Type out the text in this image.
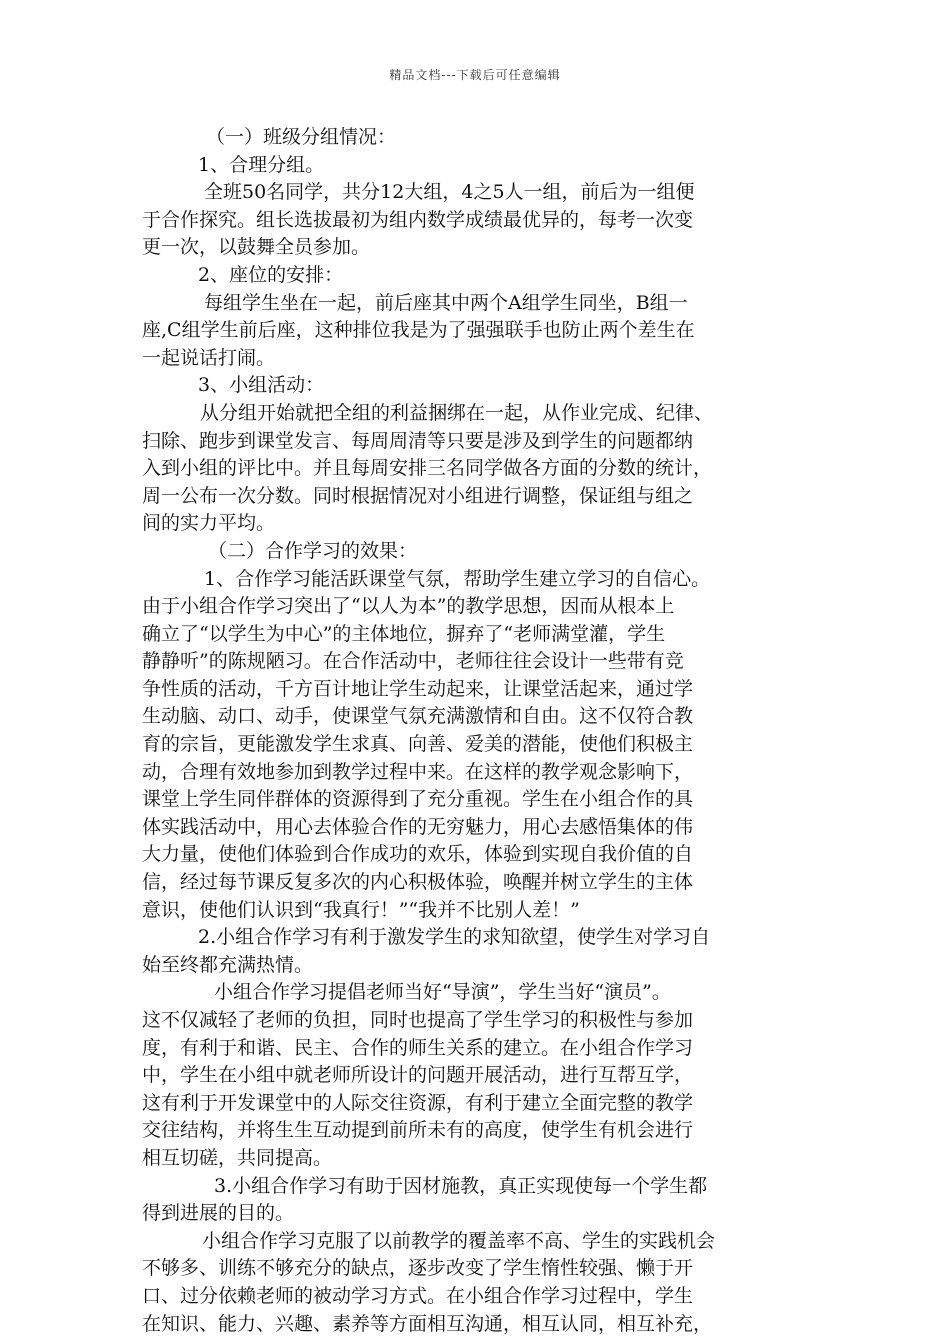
精品文档---下载后可任意编辑
（一）班级分组情况：
1、合理分组。
全班50名同学，共分12大组，4之5人一组，前后为一组便
于合作探究。组长选拔最初为组内数学成绩最优异的，每考一次变
更一次，以鼓舞全员参加。
2、座位的安排：
每组学生坐在一起，前后座其中两个A组学生同坐，B组一
座,C组学生前后座，这种排位我是为了强强联手也防止两个差生在
一起说话打闹。
3、小组活动：
从分组开始就把全组的利益捆绑在一起，从作业完成、纪律、
扫除、跑步到课堂发言、每周周清等只要是涉及到学生的问题都纳
入到小组的评比中。并且每周安排三名同学做各方面的分数的统计，
周一公布一次分数。同时根据情况对小组进行调整，保证组与组之
间的实力平均。
（二）合作学习的效果：
1、合作学习能活跃课堂气氛，帮助学生建立学习的自信心。
由于小组合作学习突出了“以人为本”的教学思想，因而从根本上
确立了“以学生为中心”的主体地位，摒弃了“老师满堂灌，学生
静静听”的陈规陋习。在合作活动中，老师往往会设计一些带有竞
争性质的活动，千方百计地让学生动起来，让课堂活起来，通过学
生动脑、动口、动手，使课堂气氛充满激情和自由。这不仅符合教
育的宗旨，更能激发学生求真、向善、爱美的潜能，使他们积极主
动，合理有效地参加到教学过程中来。在这样的教学观念影响下，
课堂上学生同伴群体的资源得到了充分重视。学生在小组合作的具
体实践活动中，用心去体验合作的无穷魅力，用心去感悟集体的伟
大力量，使他们体验到合作成功的欢乐，体验到实现自我价值的自
信，经过每节课反复多次的内心积极体验，唤醒并树立学生的主体
意识，使他们认识到“我真行！”“我并不比别人差！”
2.小组合作学习有利于激发学生的求知欲望，使学生对学习自
始至终都充满热情。
小组合作学习提倡老师当好“导演”，学生当好“演员”。
这不仅减轻了老师的负担，同时也提高了学生学习的积极性与参加
度，有利于和谐、民主、合作的师生关系的建立。在小组合作学习
中，学生在小组中就老师所设计的问题开展活动，进行互帮互学，
这有利于开发课堂中的人际交往资源，有利于建立全面完整的教学
交往结构，并将生生互动提到前所未有的高度，使学生有机会进行
相互切磋，共同提高。
3.小组合作学习有助于因材施教，真正实现使每一个学生都
得到进展的目的。
小组合作学习克服了以前教学的覆盖率不高、学生的实践机会
不够多、训练不够充分的缺点，逐步改变了学生惰性较强、懒于开
口、过分依赖老师的被动学习方式。在小组合作学习过程中，学生
在知识、能力、兴趣、素养等方面相互沟通，相互认同，相互补充，
